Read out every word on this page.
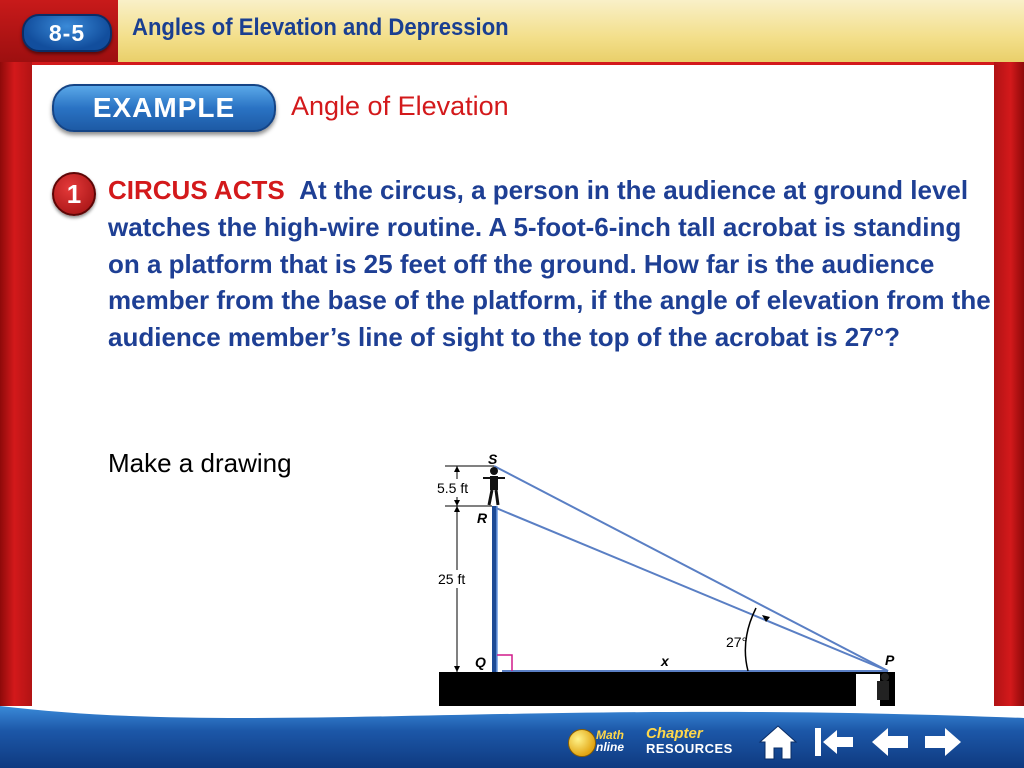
8-5	Angles of Elevation and Depression
EXAMPLE	Angle of Elevation
1	CIRCUS ACTS At the circus, a person in the audience at ground level watches the high-wire routine. A 5-foot-6-inch tall acrobat is standing on a platform that is 25 feet off the ground. How far is the audience member from the base of the platform, if the angle of elevation from the audience member’s line of sight to the top of the acrobat is 27°?
Make a drawing
5.5 ft
25 ft
S
R
Q	P
x
27°
Math
nline
Chapter
RESOURCES
